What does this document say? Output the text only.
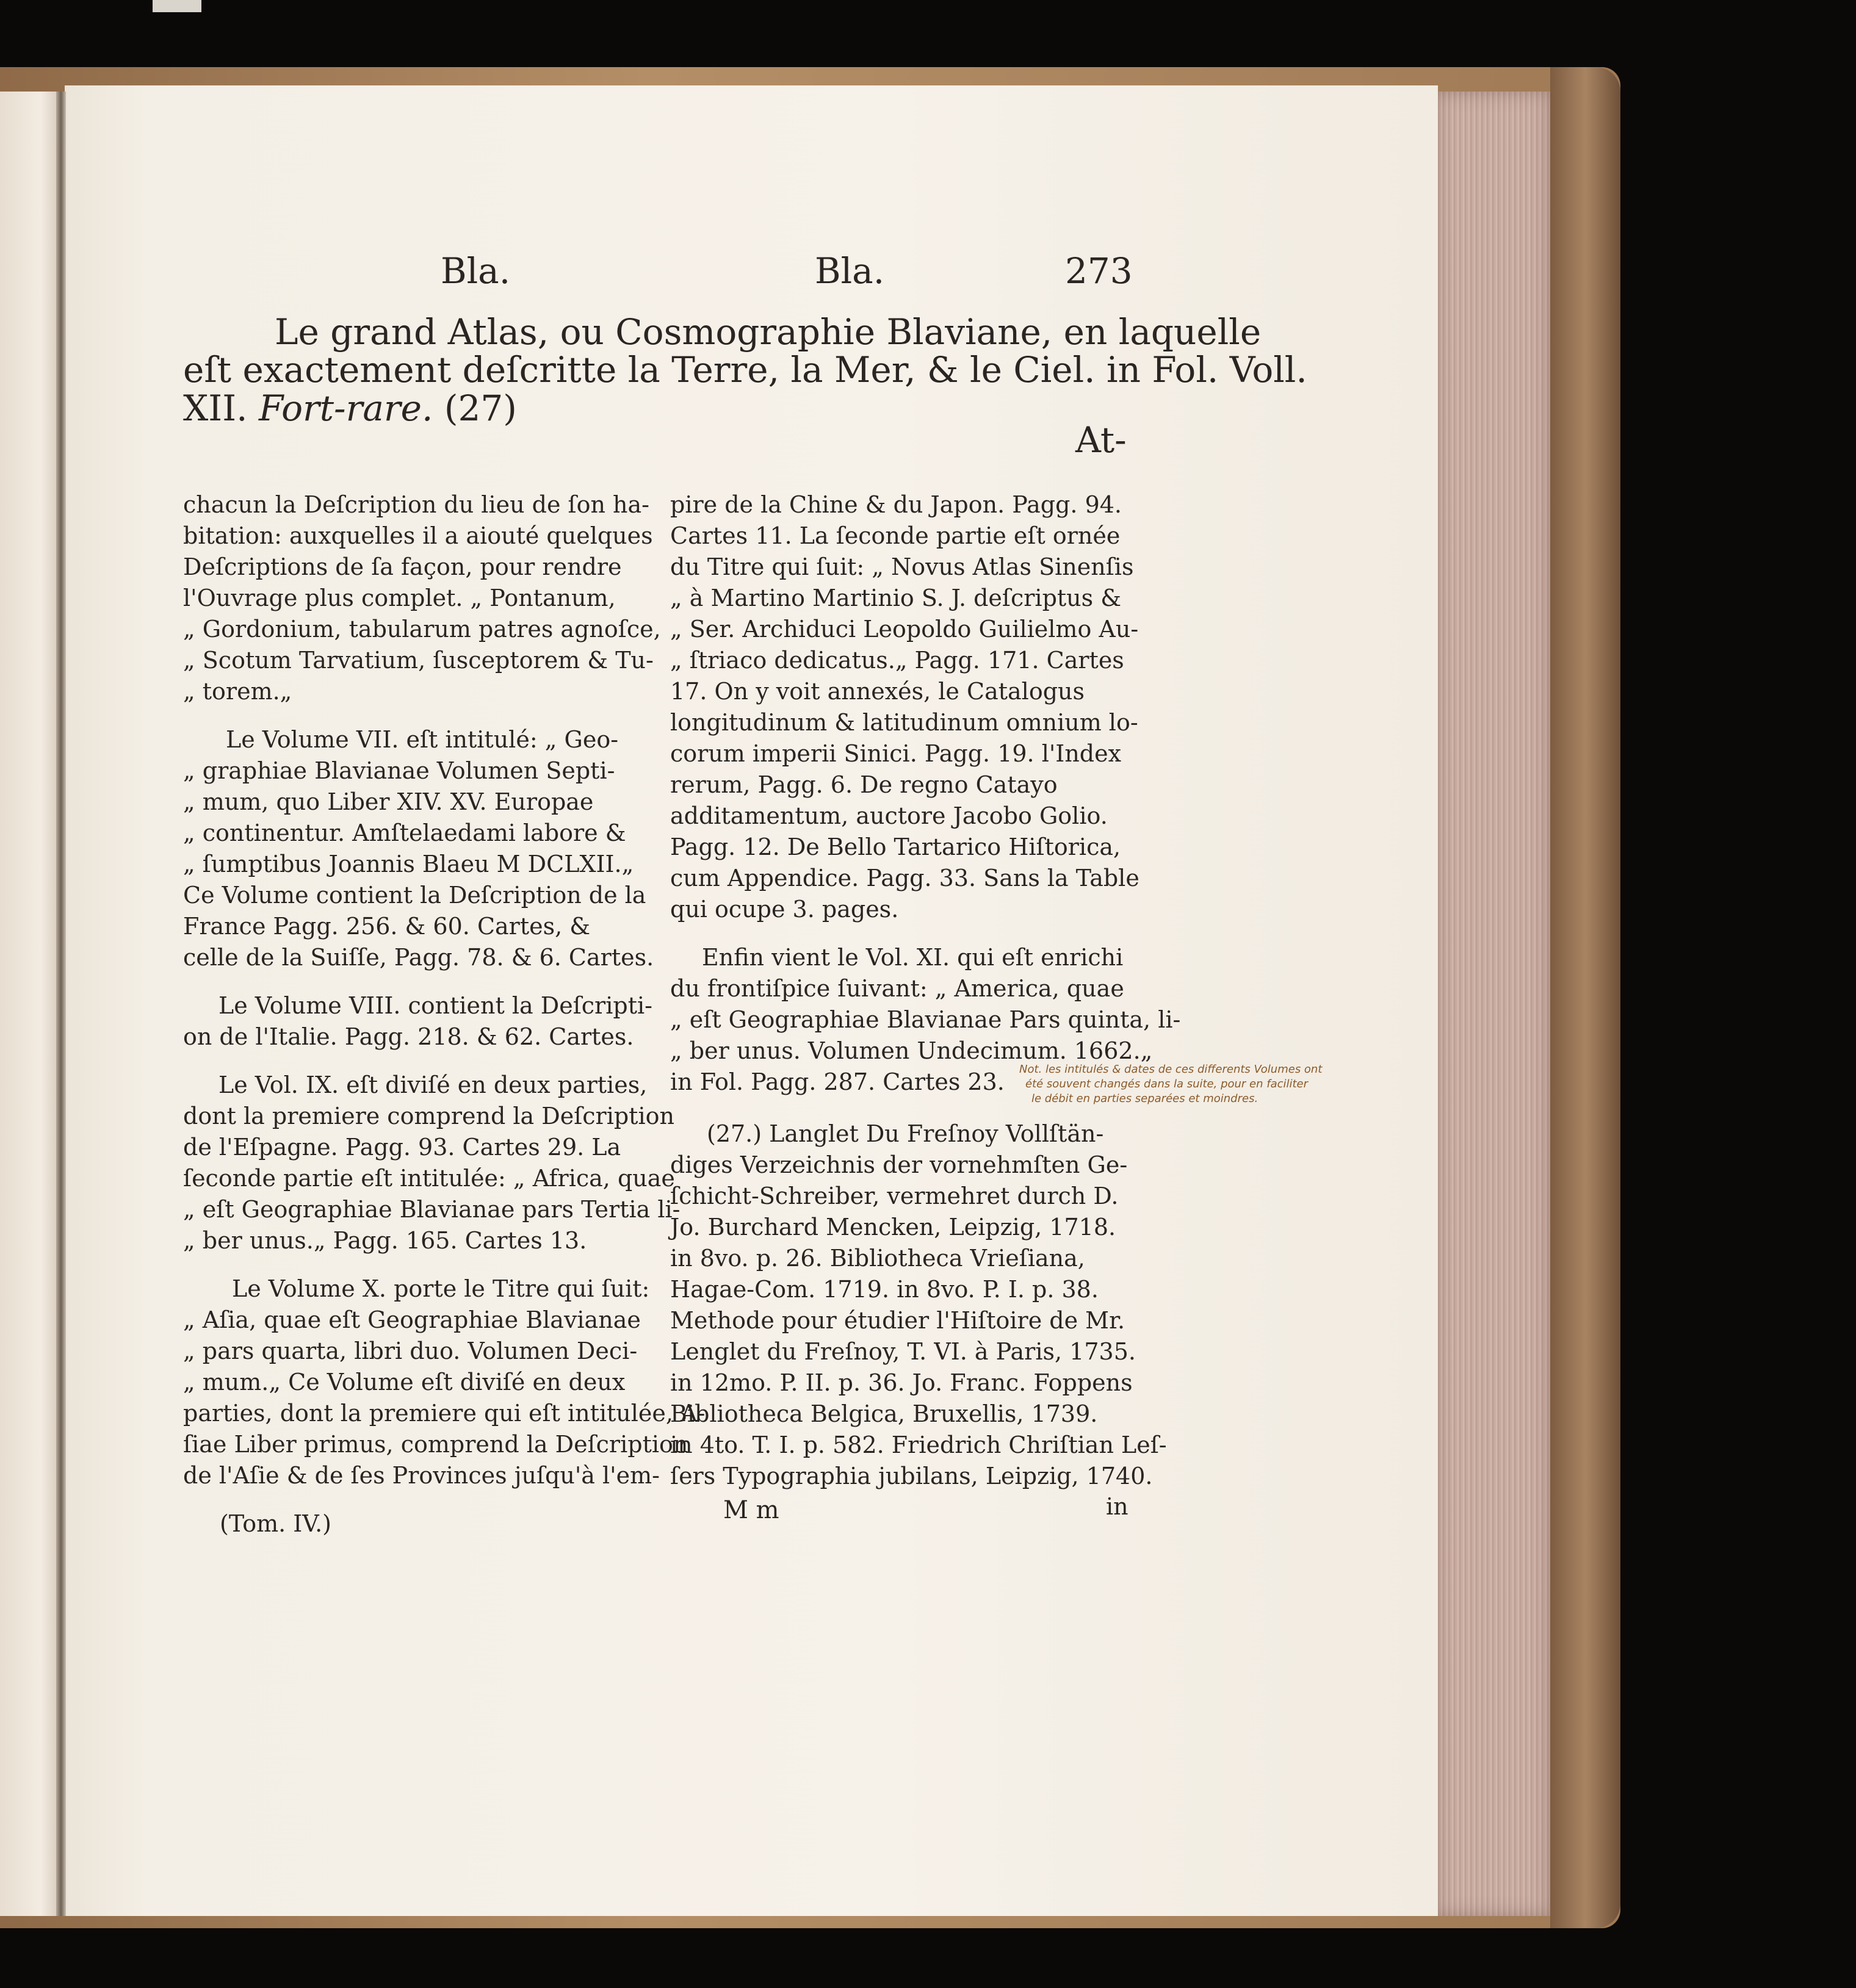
Bla.	Bla.	273
Le grand Atlas, ou Cosmographie Blaviane, en laquelle
eſt exactement deſcritte la Terre, la Mer, & le Ciel. in Fol. Voll.
XII. Fort-rare. (27)
At-
chacun la Deſcription du lieu de ſon ha-
bitation: auxquelles il a aiouté quelques
Deſcriptions de ſa façon, pour rendre
l'Ouvrage plus complet. „ Pontanum,
„ Gordonium, tabularum patres agnoſce,
„ Scotum Tarvatium, ſusceptorem & Tu-
„ torem.„
Le Volume VII. eſt intitulé: „ Geo-
„ graphiae Blavianae Volumen Septi-
„ mum, quo Liber XIV. XV. Europae
„ continentur. Amſtelaedami labore &
„ ſumptibus Joannis Blaeu M DCLXII.„
Ce Volume contient la Deſcription de la
France Pagg. 256. & 60. Cartes, &
celle de la Suiſſe, Pagg. 78. & 6. Cartes.
Le Volume VIII. contient la Deſcripti-
on de l'Italie. Pagg. 218. & 62. Cartes.
Le Vol. IX. eſt diviſé en deux parties,
dont la premiere comprend la Deſcription
de l'Eſpagne. Pagg. 93. Cartes 29. La
ſeconde partie eſt intitulée: „ Africa, quae
„ eſt Geographiae Blavianae pars Tertia li-
„ ber unus.„ Pagg. 165. Cartes 13.
Le Volume X. porte le Titre qui ſuit:
„ Aſia, quae eſt Geographiae Blavianae
„ pars quarta, libri duo. Volumen Deci-
„ mum.„ Ce Volume eſt diviſé en deux
parties, dont la premiere qui eſt intitulée, A-
ſiae Liber primus, comprend la Deſcription
de l'Aſie & de ſes Provinces juſqu'à l'em-
(Tom. IV.)
pire de la Chine & du Japon. Pagg. 94.
Cartes 11. La ſeconde partie eſt ornée
du Titre qui ſuit: „ Novus Atlas Sinenſis
„ à Martino Martinio S. J. deſcriptus &
„ Ser. Archiduci Leopoldo Guilielmo Au-
„ ſtriaco dedicatus.„ Pagg. 171. Cartes
17. On y voit annexés, le Catalogus
longitudinum & latitudinum omnium lo-
corum imperii Sinici. Pagg. 19. l'Index
rerum, Pagg. 6. De regno Catayo
additamentum, auctore Jacobo Golio.
Pagg. 12. De Bello Tartarico Hiſtorica,
cum Appendice. Pagg. 33. Sans la Table
qui ocupe 3. pages.
Enfin vient le Vol. XI. qui eſt enrichi
du frontiſpice ſuivant: „ America, quae
„ eſt Geographiae Blavianae Pars quinta, li-
„ ber unus. Volumen Undecimum. 1662.„
in Fol. Pagg. 287. Cartes 23.
(27.) Langlet Du Freſnoy Vollſtän-
diges Verzeichnis der vornehmſten Ge-
ſchicht-Schreiber, vermehret durch D.
Jo. Burchard Mencken, Leipzig, 1718.
in 8vo. p. 26. Bibliotheca Vrieſiana,
Hagae-Com. 1719. in 8vo. P. I. p. 38.
Methode pour étudier l'Hiſtoire de Mr.
Lenglet du Freſnoy, T. VI. à Paris, 1735.
in 12mo. P. II. p. 36. Jo. Franc. Foppens
Bibliotheca Belgica, Bruxellis, 1739.
in 4to. T. I. p. 582. Friedrich Chriſtian Leſ-
ſers Typographia jubilans, Leipzig, 1740.
M m	in
Not. les intitulés & dates de ces differents Volumes ont
été souvent changés dans la suite, pour en faciliter
le débit en parties separées et moindres.
